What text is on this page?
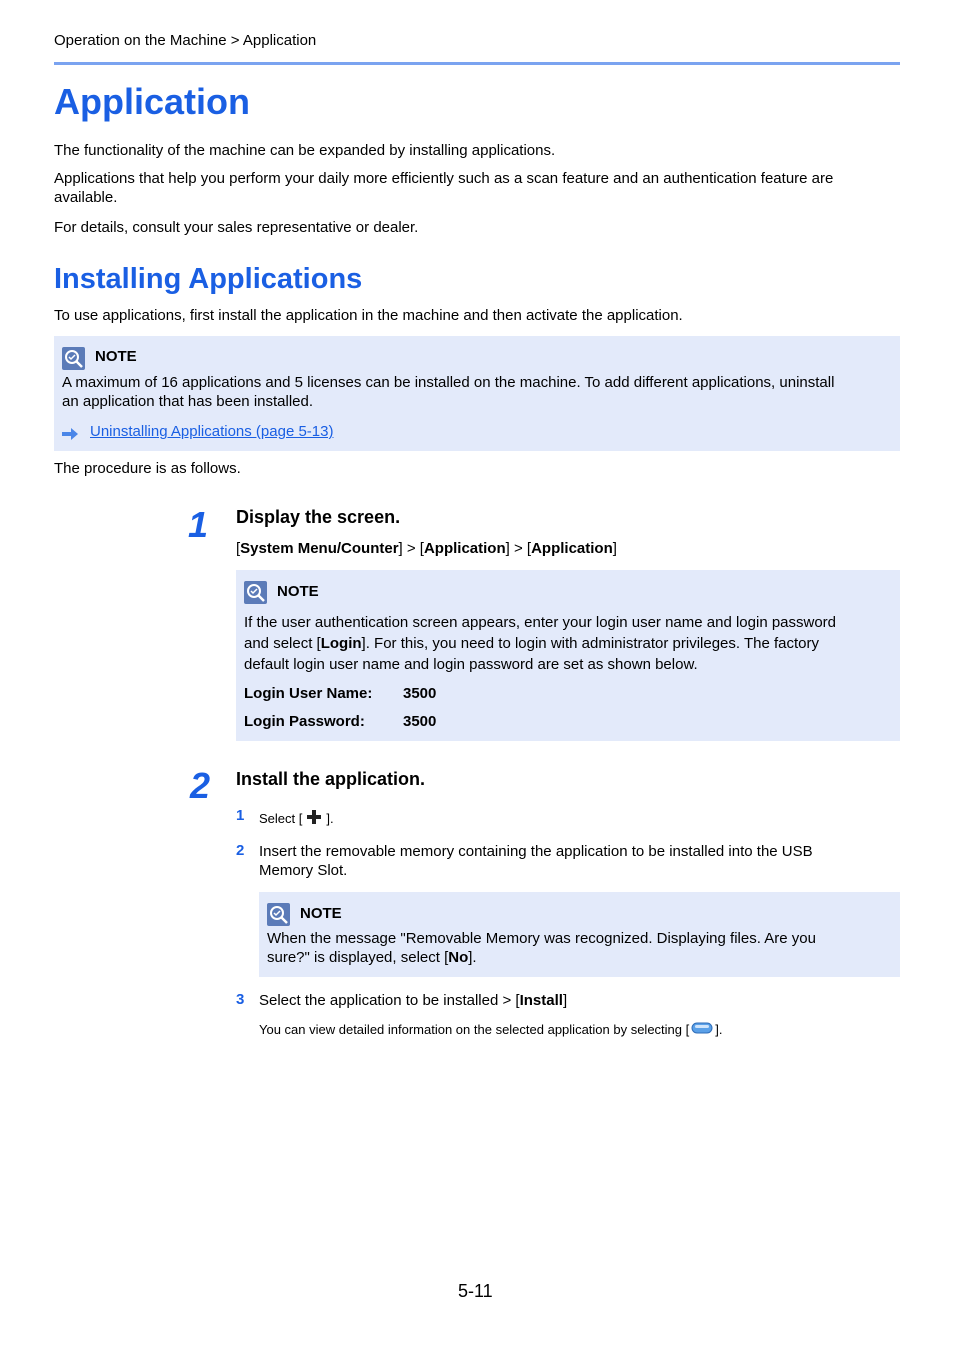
Operation on the Machine > Application
Application
The functionality of the machine can be expanded by installing applications.
Applications that help you perform your daily more efficiently such as a scan feature and an authentication feature are
available.
For details, consult your sales representative or dealer.
Installing Applications
To use applications, first install the application in the machine and then activate the application.
NOTE
A maximum of 16 applications and 5 licenses can be installed on the machine. To add different applications, uninstall
an application that has been installed.
Uninstalling Applications (page 5-13)
The procedure is as follows.
1 Display the screen.
[System Menu/Counter] > [Application] > [Application]
NOTE
If the user authentication screen appears, enter your login user name and login password
and select [Login]. For this, you need to login with administrator privileges. The factory
default login user name and login password are set as shown below.
Login User Name: 3500
Login Password:	3500
2 Install the application.
1 Select [ ].
2 Insert the removable memory containing the application to be installed into the USB
Memory Slot.
NOTE
When the message "Removable Memory was recognized. Displaying files. Are you
sure?" is displayed, select [No].
3 Select the application to be installed > [Install]
You can view detailed information on the selected application by selecting [ ].
5-11
